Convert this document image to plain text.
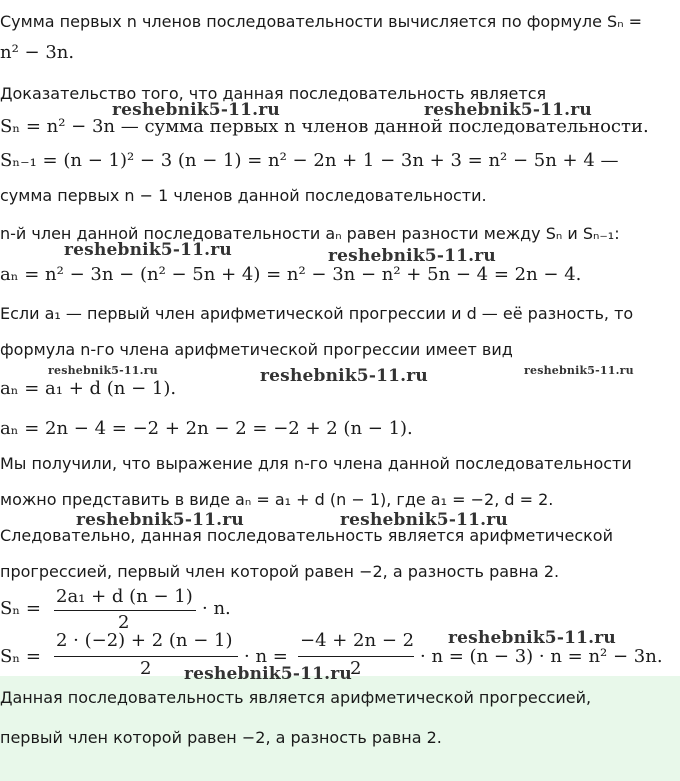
Сумма первых n членов последовательности вычисляется по формуле Sₙ =
n² − 3n.
Доказательство того, что данная последовательность является
Sₙ = n² − 3n — сумма первых n членов данной последовательности.
Sₙ₋₁ = (n − 1)² − 3 (n − 1) = n² − 2n + 1 − 3n + 3 = n² − 5n + 4 —
сумма первых n − 1 членов данной последовательности.
n-й член данной последовательности aₙ равен разности между Sₙ и Sₙ₋₁:
aₙ = n² − 3n − (n² − 5n + 4) = n² − 3n − n² + 5n − 4 = 2n − 4.
Если a₁ — первый член арифметической прогрессии и d — её разность, то
формула n-го члена арифметической прогрессии имеет вид
aₙ = a₁ + d (n − 1).
aₙ = 2n − 4 = −2 + 2n − 2 = −2 + 2 (n − 1).
Мы получили, что выражение для n-го члена данной последовательности
можно представить в виде aₙ = a₁ + d (n − 1), где a₁ = −2, d = 2.
Следовательно, данная последовательность является арифметической
прогрессией, первый член которой равен −2, а разность равна 2.
Sₙ =
2a₁ + d (n − 1)
2
· n.
Sₙ =
2 · (−2) + 2 (n − 1)
2
· n =
−4 + 2n − 2
2
· n = (n − 3) · n = n² − 3n.
Данная последовательность является арифметической прогрессией,
первый член которой равен −2, а разность равна 2.
reshebnik5-11.ru	reshebnik5-11.ru
reshebnik5-11.ru	reshebnik5-11.ru
reshebnik5-11.ru	reshebnik5-11.ru	reshebnik5-11.ru
reshebnik5-11.ru	reshebnik5-11.ru
reshebnik5-11.ru
reshebnik5-11.ru
